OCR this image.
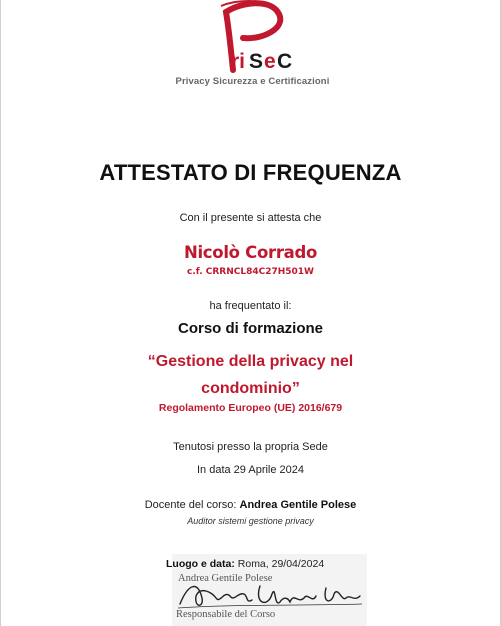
ri S e C
Privacy Sicurezza e Certificazioni
ATTESTATO DI FREQUENZA
Con il presente si attesta che
Nicolò Corrado
c.f. CRRNCL84C27H501W
ha frequentato il:
Corso di formazione
“Gestione della privacy nel
condominio”
Regolamento Europeo (UE) 2016/679
Tenutosi presso la propria Sede
In data 29 Aprile 2024
Docente del corso: Andrea Gentile Polese
Auditor sistemi gestione privacy
Andrea Gentile Polese
Responsabile del Corso
Luogo e data: Roma, 29/04/2024
